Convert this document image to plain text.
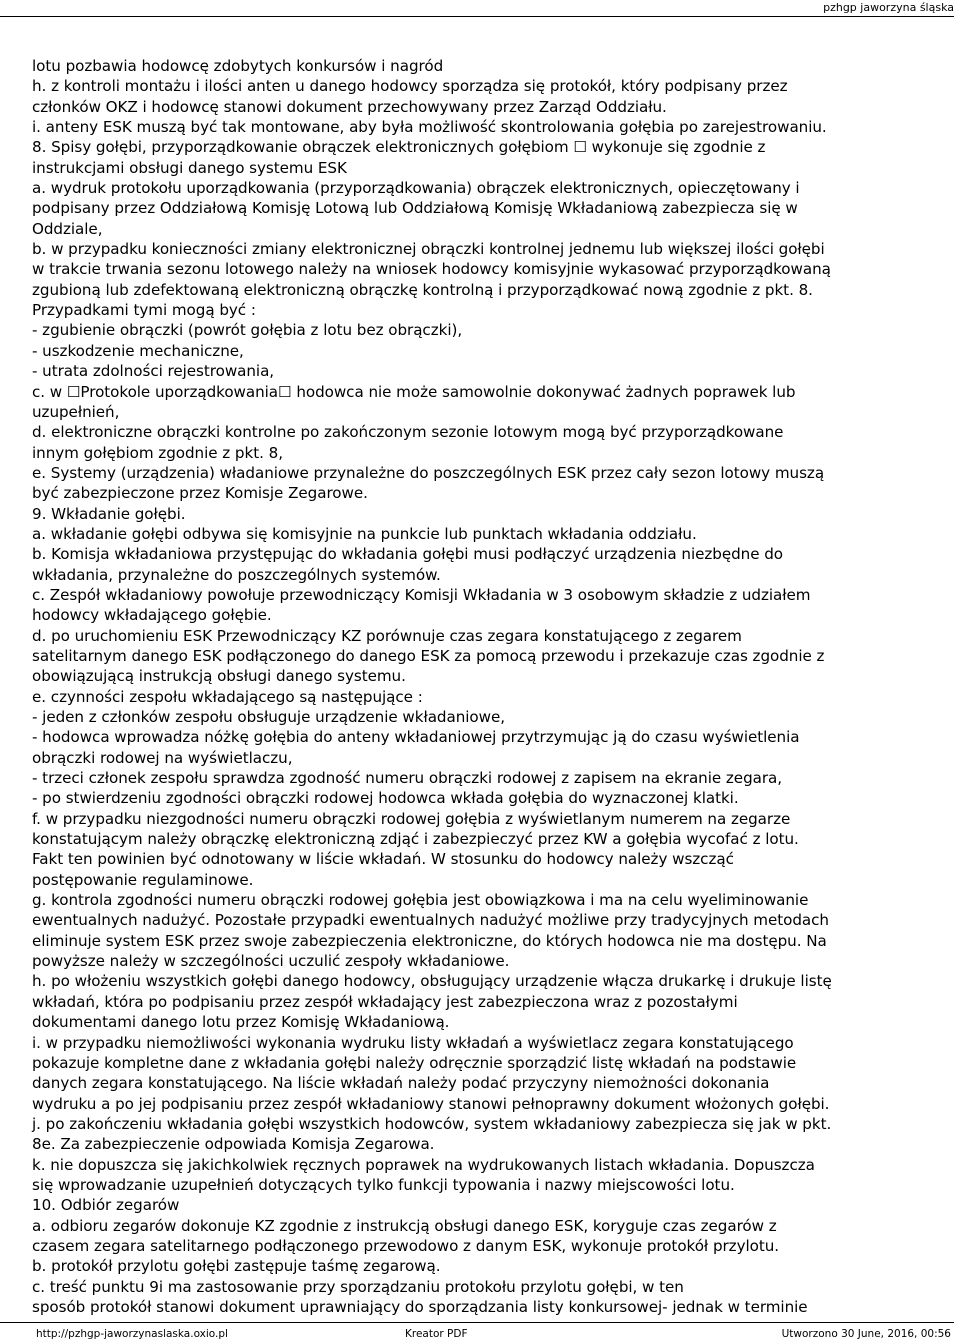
pzhgp jaworzyna śląska
lotu pozbawia hodowcę zdobytych konkursów i nagród
h. z kontroli montażu i ilości anten u danego hodowcy sporządza się protokół, który podpisany przez
członków OKZ i hodowcę stanowi dokument przechowywany przez Zarząd Oddziału.
i. anteny ESK muszą być tak montowane, aby była możliwość skontrolowania gołębia po zarejestrowaniu.
8. Spisy gołębi, przyporządkowanie obrączek elektronicznych gołębiom ☐ wykonuje się zgodnie z
instrukcjami obsługi danego systemu ESK
a. wydruk protokołu uporządkowania (przyporządkowania) obrączek elektronicznych, opieczętowany i
podpisany przez Oddziałową Komisję Lotową lub Oddziałową Komisję Wkładaniową zabezpiecza się w
Oddziale,
b. w przypadku konieczności zmiany elektronicznej obrączki kontrolnej jednemu lub większej ilości gołębi
w trakcie trwania sezonu lotowego należy na wniosek hodowcy komisyjnie wykasować przyporządkowaną
zgubioną lub zdefektowaną elektroniczną obrączkę kontrolną i przyporządkować nową zgodnie z pkt. 8.
Przypadkami tymi mogą być :
- zgubienie obrączki (powrót gołębia z lotu bez obrączki),
- uszkodzenie mechaniczne,
- utrata zdolności rejestrowania,
c. w ☐Protokole uporządkowania☐ hodowca nie może samowolnie dokonywać żadnych poprawek lub
uzupełnień,
d. elektroniczne obrączki kontrolne po zakończonym sezonie lotowym mogą być przyporządkowane
innym gołębiom zgodnie z pkt. 8,
e. Systemy (urządzenia) władaniowe przynależne do poszczególnych ESK przez cały sezon lotowy muszą
być zabezpieczone przez Komisje Zegarowe.
9. Wkładanie gołębi.
a. wkładanie gołębi odbywa się komisyjnie na punkcie lub punktach wkładania oddziału.
b. Komisja wkładaniowa przystępując do wkładania gołębi musi podłączyć urządzenia niezbędne do
wkładania, przynależne do poszczególnych systemów.
c. Zespół wkładaniowy powołuje przewodniczący Komisji Wkładania w 3 osobowym składzie z udziałem
hodowcy wkładającego gołębie.
d. po uruchomieniu ESK Przewodniczący KZ porównuje czas zegara konstatującego z zegarem
satelitarnym danego ESK podłączonego do danego ESK za pomocą przewodu i przekazuje czas zgodnie z
obowiązującą instrukcją obsługi danego systemu.
e. czynności zespołu wkładającego są następujące :
- jeden z członków zespołu obsługuje urządzenie wkładaniowe,
- hodowca wprowadza nóżkę gołębia do anteny wkładaniowej przytrzymując ją do czasu wyświetlenia
obrączki rodowej na wyświetlaczu,
- trzeci członek zespołu sprawdza zgodność numeru obrączki rodowej z zapisem na ekranie zegara,
- po stwierdzeniu zgodności obrączki rodowej hodowca wkłada gołębia do wyznaczonej klatki.
f. w przypadku niezgodności numeru obrączki rodowej gołębia z wyświetlanym numerem na zegarze
konstatującym należy obrączkę elektroniczną zdjąć i zabezpieczyć przez KW a gołębia wycofać z lotu.
Fakt ten powinien być odnotowany w liście wkładań. W stosunku do hodowcy należy wszcząć
postępowanie regulaminowe.
g. kontrola zgodności numeru obrączki rodowej gołębia jest obowiązkowa i ma na celu wyeliminowanie
ewentualnych nadużyć. Pozostałe przypadki ewentualnych nadużyć możliwe przy tradycyjnych metodach
eliminuje system ESK przez swoje zabezpieczenia elektroniczne, do których hodowca nie ma dostępu. Na
powyższe należy w szczególności uczulić zespoły wkładaniowe.
h. po włożeniu wszystkich gołębi danego hodowcy, obsługujący urządzenie włącza drukarkę i drukuje listę
wkładań, która po podpisaniu przez zespół wkładający jest zabezpieczona wraz z pozostałymi
dokumentami danego lotu przez Komisję Wkładaniową.
i. w przypadku niemożliwości wykonania wydruku listy wkładań a wyświetlacz zegara konstatującego
pokazuje kompletne dane z wkładania gołębi należy odręcznie sporządzić listę wkładań na podstawie
danych zegara konstatującego. Na liście wkładań należy podać przyczyny niemożności dokonania
wydruku a po jej podpisaniu przez zespół wkładaniowy stanowi pełnoprawny dokument włożonych gołębi.
j. po zakończeniu wkładania gołębi wszystkich hodowców, system wkładaniowy zabezpiecza się jak w pkt.
8e. Za zabezpieczenie odpowiada Komisja Zegarowa.
k. nie dopuszcza się jakichkolwiek ręcznych poprawek na wydrukowanych listach wkładania. Dopuszcza
się wprowadzanie uzupełnień dotyczących tylko funkcji typowania i nazwy miejscowości lotu.
10. Odbiór zegarów
a. odbioru zegarów dokonuje KZ zgodnie z instrukcją obsługi danego ESK, koryguje czas zegarów z
czasem zegara satelitarnego podłączonego przewodowo z danym ESK, wykonuje protokół przylotu.
b. protokół przylotu gołębi zastępuje taśmę zegarową.
c. treść punktu 9i ma zastosowanie przy sporządzaniu protokołu przylotu gołębi, w ten
sposób protokół stanowi dokument uprawniający do sporządzania listy konkursowej- jednak w terminie
http://pzhgp-jaworzynaslaska.oxio.pl	Kreator PDF	Utworzono 30 June, 2016, 00:56
